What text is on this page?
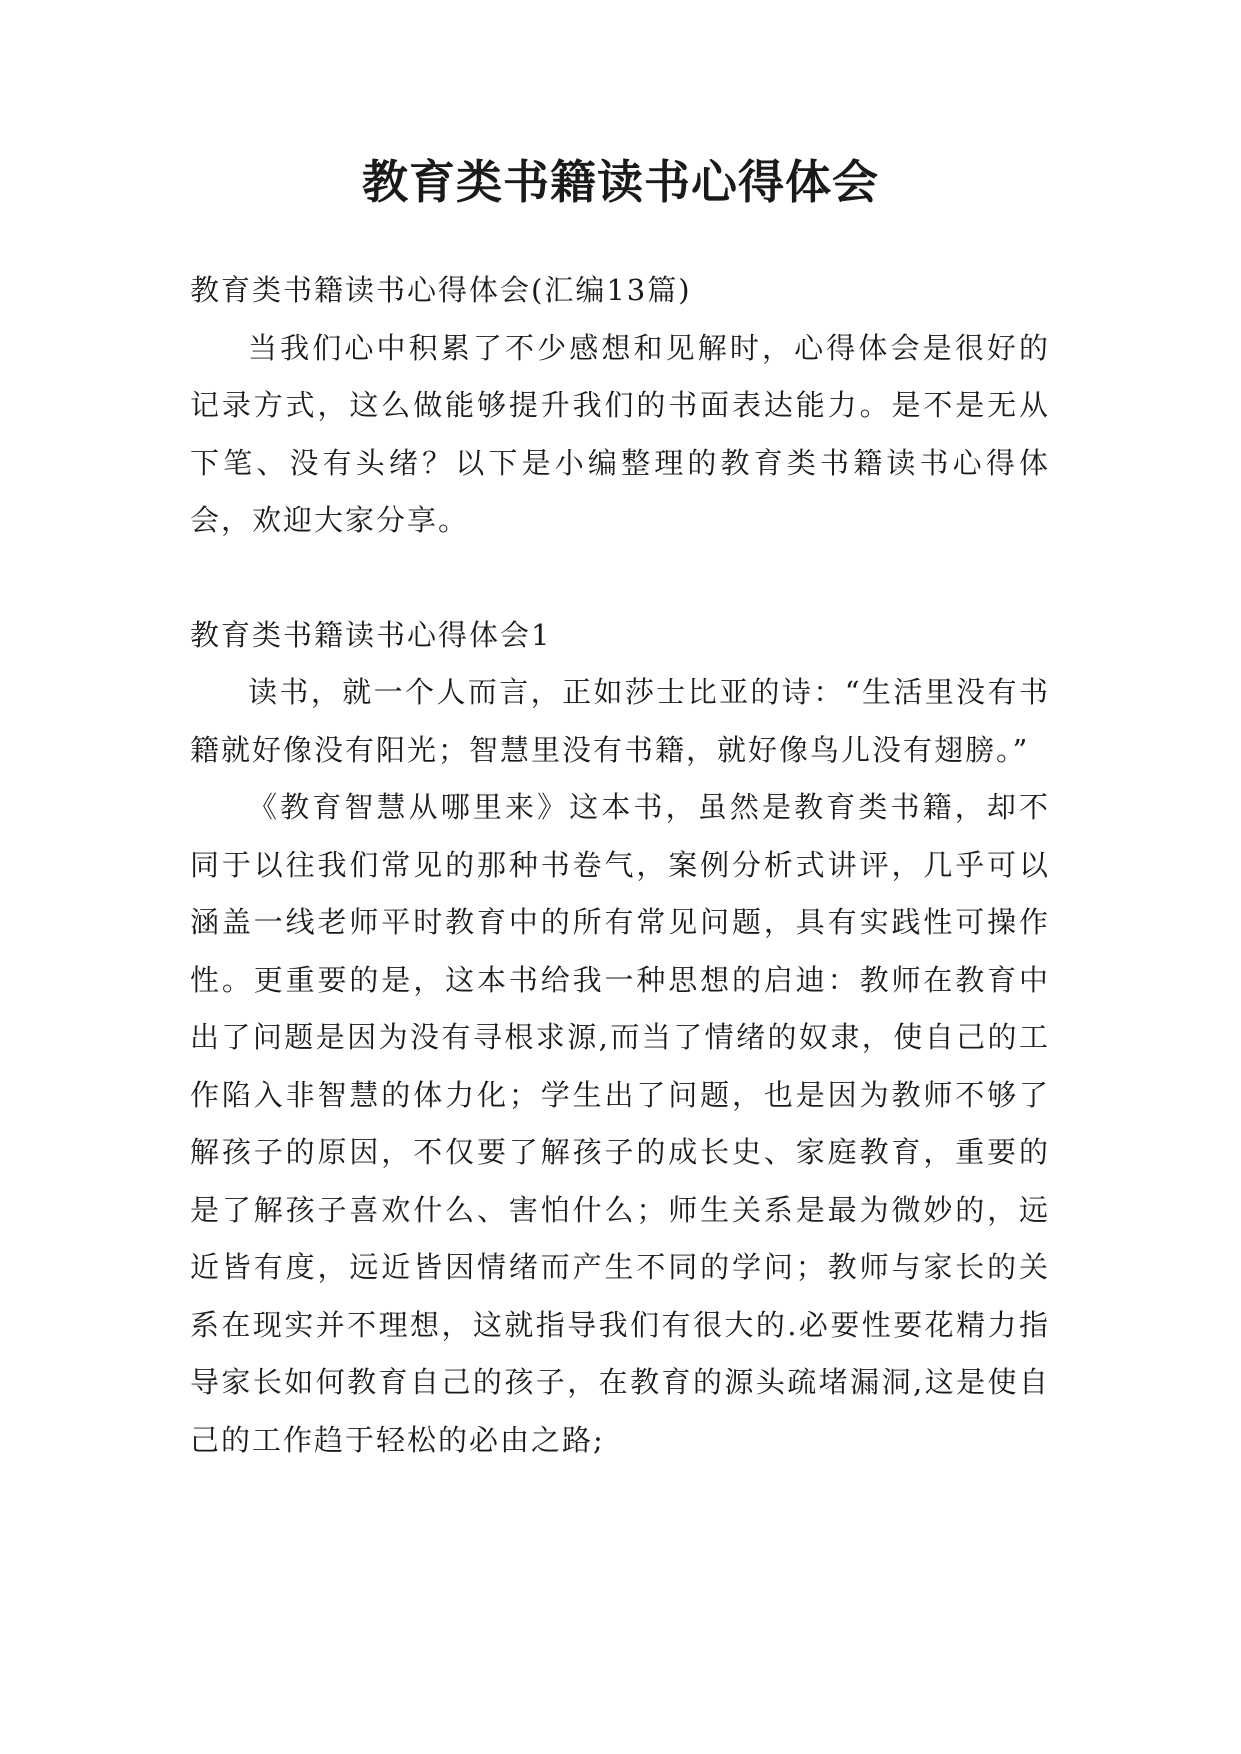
教育类书籍读书心得体会

教育类书籍读书心得体会(汇编13篇)

当我们心中积累了不少感想和见解时，心得体会是很好的记录方式，这么做能够提升我们的书面表达能力。是不是无从下笔、没有头绪？以下是小编整理的教育类书籍读书心得体会，欢迎大家分享。

教育类书籍读书心得体会1

读书，就一个人而言，正如莎士比亚的诗：“生活里没有书籍就好像没有阳光；智慧里没有书籍，就好像鸟儿没有翅膀。”

《教育智慧从哪里来》这本书，虽然是教育类书籍，却不同于以往我们常见的那种书卷气，案例分析式讲评，几乎可以涵盖一线老师平时教育中的所有常见问题，具有实践性可操作性。更重要的是，这本书给我一种思想的启迪：教师在教育中出了问题是因为没有寻根求源,而当了情绪的奴隶，使自己的工作陷入非智慧的体力化；学生出了问题，也是因为教师不够了解孩子的原因，不仅要了解孩子的成长史、家庭教育，重要的是了解孩子喜欢什么、害怕什么；师生关系是最为微妙的，远近皆有度，远近皆因情绪而产生不同的学问；教师与家长的关系在现实并不理想，这就指导我们有很大的.必要性要花精力指导家长如何教育自己的孩子，在教育的源头疏堵漏洞,这是使自己的工作趋于轻松的必由之路;
